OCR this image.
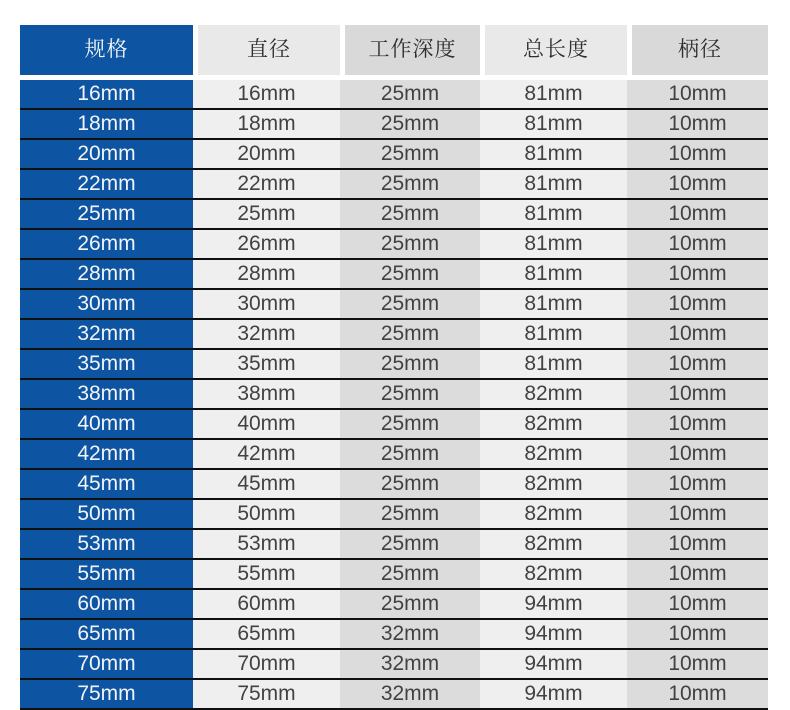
规格	直径	工作深度	总长度	柄径
16mm	16mm	25mm	81mm	10mm
18mm	18mm	25mm	81mm	10mm
20mm	20mm	25mm	81mm	10mm
22mm	22mm	25mm	81mm	10mm
25mm	25mm	25mm	81mm	10mm
26mm	26mm	25mm	81mm	10mm
28mm	28mm	25mm	81mm	10mm
30mm	30mm	25mm	81mm	10mm
32mm	32mm	25mm	81mm	10mm
35mm	35mm	25mm	81mm	10mm
38mm	38mm	25mm	82mm	10mm
40mm	40mm	25mm	82mm	10mm
42mm	42mm	25mm	82mm	10mm
45mm	45mm	25mm	82mm	10mm
50mm	50mm	25mm	82mm	10mm
53mm	53mm	25mm	82mm	10mm
55mm	55mm	25mm	82mm	10mm
60mm	60mm	25mm	94mm	10mm
65mm	65mm	32mm	94mm	10mm
70mm	70mm	32mm	94mm	10mm
75mm	75mm	32mm	94mm	10mm
